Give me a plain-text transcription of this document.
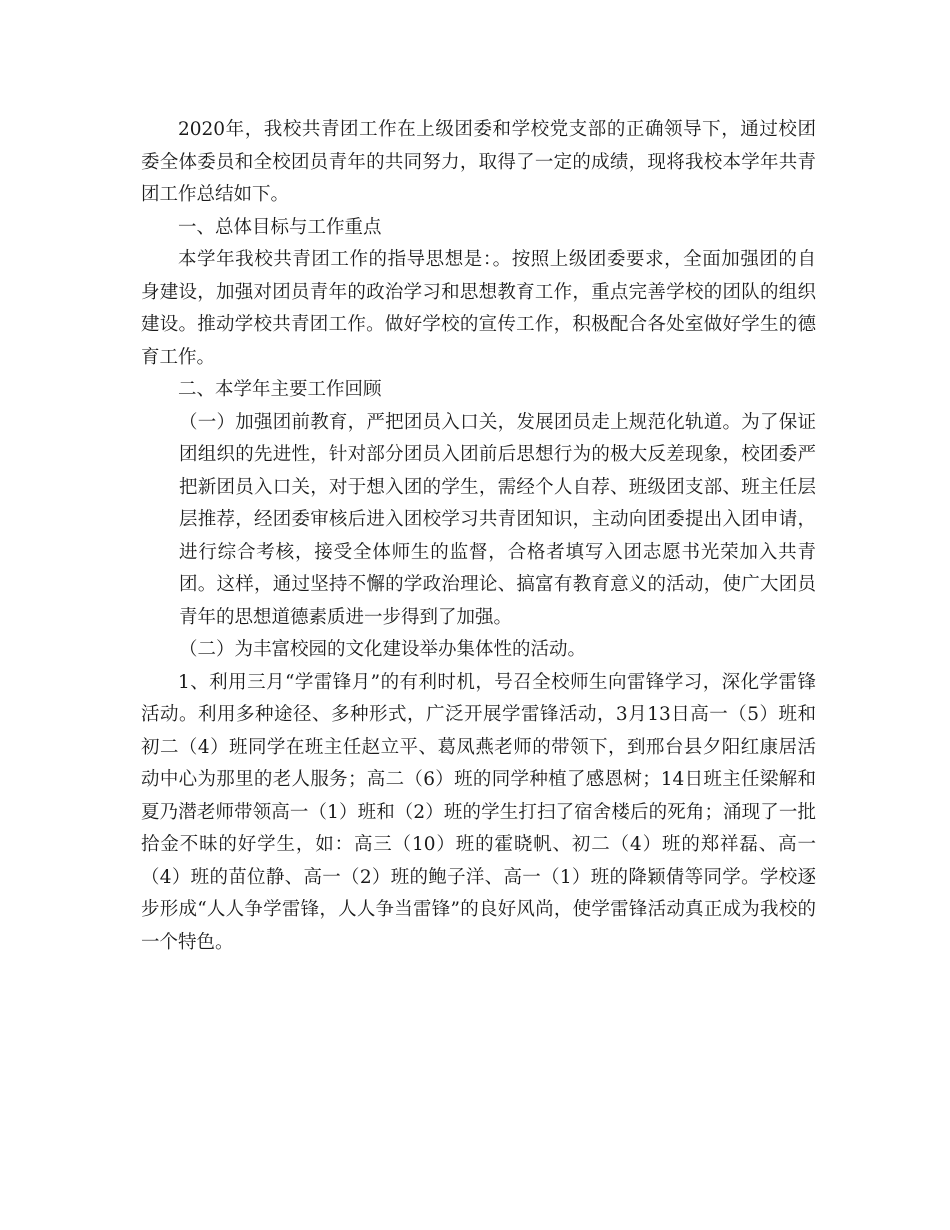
2020年，我校共青团工作在上级团委和学校党支部的正确领导下，通过校团委全体委员和全校团员青年的共同努力，取得了一定的成绩，现将我校本学年共青团工作总结如下。

一、总体目标与工作重点

本学年我校共青团工作的指导思想是：。按照上级团委要求，全面加强团的自身建设，加强对团员青年的政治学习和思想教育工作，重点完善学校的团队的组织建设。推动学校共青团工作。做好学校的宣传工作，积极配合各处室做好学生的德育工作。

二、本学年主要工作回顾

（一）加强团前教育，严把团员入口关，发展团员走上规范化轨道。为了保证团组织的先进性，针对部分团员入团前后思想行为的极大反差现象，校团委严把新团员入口关，对于想入团的学生，需经个人自荐、班级团支部、班主任层层推荐，经团委审核后进入团校学习共青团知识，主动向团委提出入团申请，进行综合考核，接受全体师生的监督，合格者填写入团志愿书光荣加入共青团。这样，通过坚持不懈的学政治理论、搞富有教育意义的活动，使广大团员青年的思想道德素质进一步得到了加强。

（二）为丰富校园的文化建设举办集体性的活动。

1、利用三月“学雷锋月”的有利时机，号召全校师生向雷锋学习，深化学雷锋活动。利用多种途径、多种形式，广泛开展学雷锋活动，3月13日高一（5）班和初二（4）班同学在班主任赵立平、葛凤燕老师的带领下，到邢台县夕阳红康居活动中心为那里的老人服务；高二（6）班的同学种植了感恩树；14日班主任梁解和夏乃潜老师带领高一（1）班和（2）班的学生打扫了宿舍楼后的死角；涌现了一批拾金不昧的好学生，如：高三（10）班的霍晓帆、初二（4）班的郑祥磊、高一（4）班的苗位静、高一（2）班的鲍子洋、高一（1）班的降颖倩等同学。学校逐步形成“人人争学雷锋，人人争当雷锋”的良好风尚，使学雷锋活动真正成为我校的一个特色。
